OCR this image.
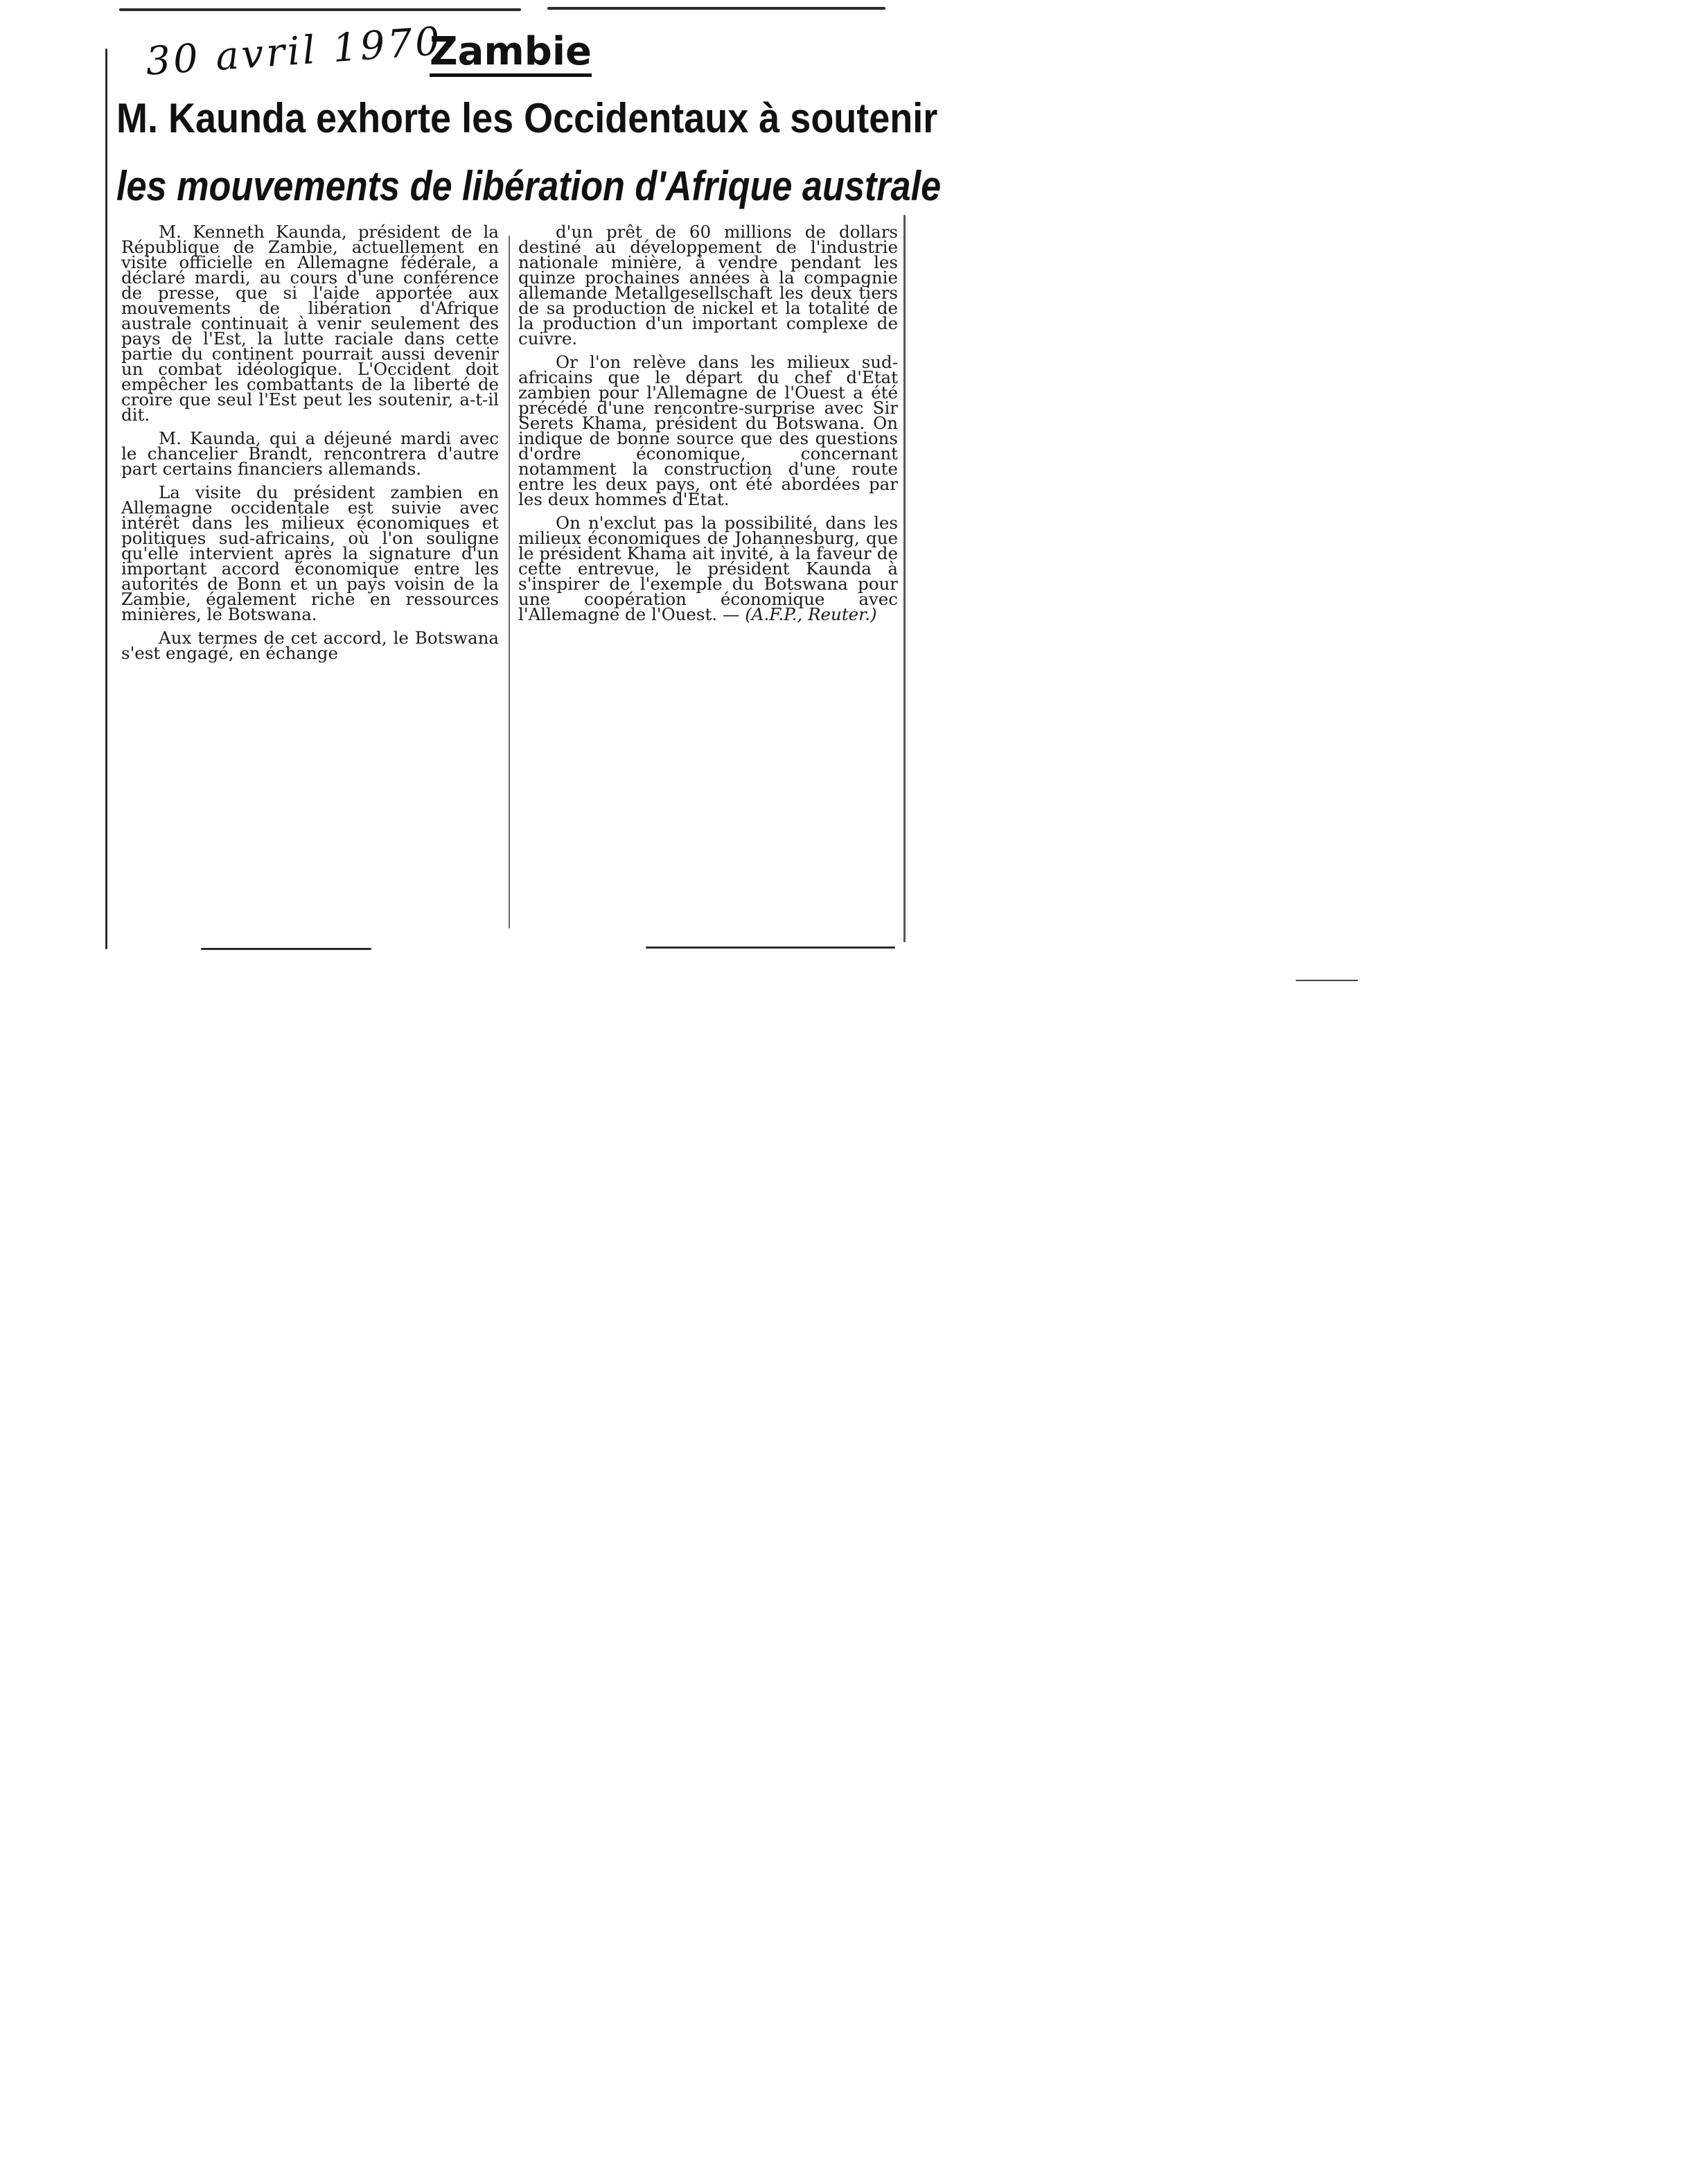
30 avril 1970
Zambie
M. Kaunda exhorte les Occidentaux à soutenir
les mouvements de libération d'Afrique australe

M. Kenneth Kaunda, président de la République de Zambie, actuellement en visite officielle en Allemagne fédérale, a déclaré mardi, au cours d'une conférence de presse, que si l'aide apportée aux mouvements de libération d'Afrique australe continuait à venir seulement des pays de l'Est, la lutte raciale dans cette partie du continent pourrait aussi devenir un combat idéologique. L'Occident doit empêcher les combattants de la liberté de croire que seul l'Est peut les soutenir, a-t-il dit.

M. Kaunda, qui a déjeuné mardi avec le chancelier Brandt, rencontrera d'autre part certains financiers allemands.

La visite du président zambien en Allemagne occidentale est suivie avec intérêt dans les milieux économiques et politiques sud-africains, où l'on souligne qu'elle intervient après la signature d'un important accord économique entre les autorités de Bonn et un pays voisin de la Zambie, également riche en ressources minières, le Botswana.

Aux termes de cet accord, le Botswana s'est engagé, en échange

d'un prêt de 60 millions de dollars destiné au développement de l'industrie nationale minière, à vendre pendant les quinze prochaines années à la compagnie allemande Metallgesellschaft les deux tiers de sa production de nickel et la totalité de la production d'un important complexe de cuivre.

Or l'on relève dans les milieux sud-africains que le départ du chef d'Etat zambien pour l'Allemagne de l'Ouest a été précédé d'une rencontre-surprise avec Sir Serets Khama, président du Botswana. On indique de bonne source que des questions d'ordre économique, concernant notamment la construction d'une route entre les deux pays, ont été abordées par les deux hommes d'Etat.

On n'exclut pas la possibilité, dans les milieux économiques de Johannesburg, que le président Khama ait invité, à la faveur de cette entrevue, le président Kaunda à s'inspirer de l'exemple du Botswana pour une coopération économique avec l'Allemagne de l'Ouest. — (A.F.P., Reuter.)
